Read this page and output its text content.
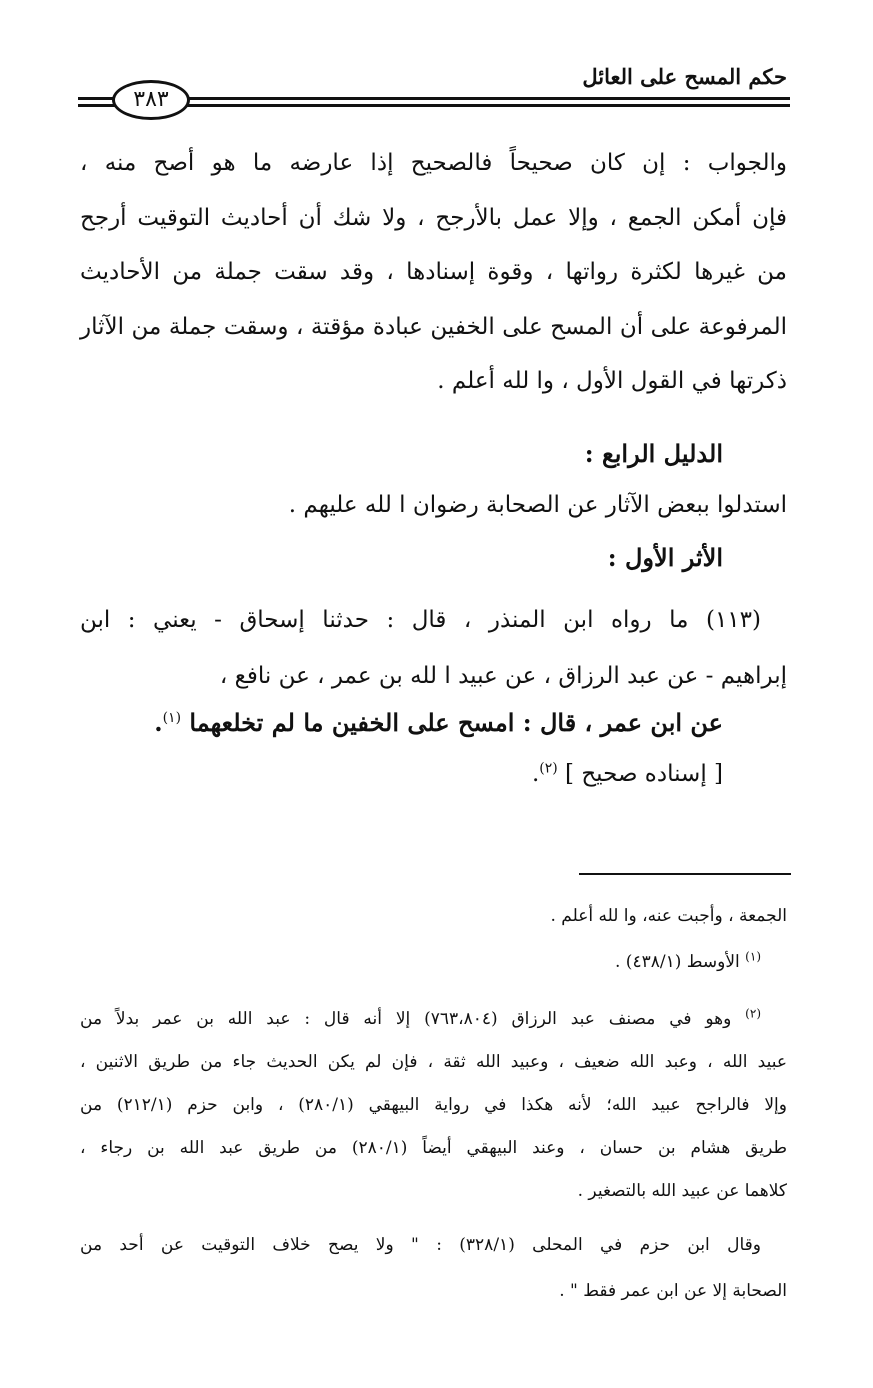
حكم المسح على العائل
٣٨٣
والجواب : إن كان صحيحاً فالصحيح إذا عارضه ما هو أصح منه ،
فإن أمكن الجمع ، وإلا عمل بالأرجح ، ولا شك أن أحاديث التوقيت أرجح
من غيرها لكثرة رواتها ، وقوة إسنادها ، وقد سقت جملة من الأحاديث
المرفوعة على أن المسح على الخفين عبادة مؤقتة ، وسقت جملة من الآثار
ذكرتها في القول الأول ، وا لله أعلم .
الدليل الرابع :
استدلوا ببعض الآثار عن الصحابة رضوان ا لله عليهم .
الأثر الأول :
(١١٣) ما رواه ابن المنذر ، قال : حدثنا إسحاق - يعني : ابن
إبراهيم - عن عبد الرزاق ، عن عبيد ا لله بن عمر ، عن نافع ،
عن ابن عمر ، قال : امسح على الخفين ما لم تخلعهما $^{(١)}$.
[ إسناده صحيح ] $^{(٢)}$.
الجمعة ، وأجبت عنه، وا لله أعلم .
$^{(١)}$ الأوسط (٤٣٨/١) .
$^{(٢)}$ وهو في مصنف عبد الرزاق (٧٦٣،٨٠٤) إلا أنه قال : عبد الله بن عمر بدلاً من
عبيد الله ، وعبد الله ضعيف ، وعبيد الله ثقة ، فإن لم يكن الحديث جاء من طريق الاثنين ،
وإلا فالراجح عبيد الله؛ لأنه هكذا في رواية البيهقي (٢٨٠/١) ، وابن حزم (٢١٢/١) من
طريق هشام بن حسان ، وعند البيهقي أيضاً (٢٨٠/١) من طريق عبد الله بن رجاء ،
كلاهما عن عبيد الله بالتصغير .
وقال ابن حزم في المحلى (٣٢٨/١) : " ولا يصح خلاف التوقيت عن أحد من
الصحابة إلا عن ابن عمر فقط " .
